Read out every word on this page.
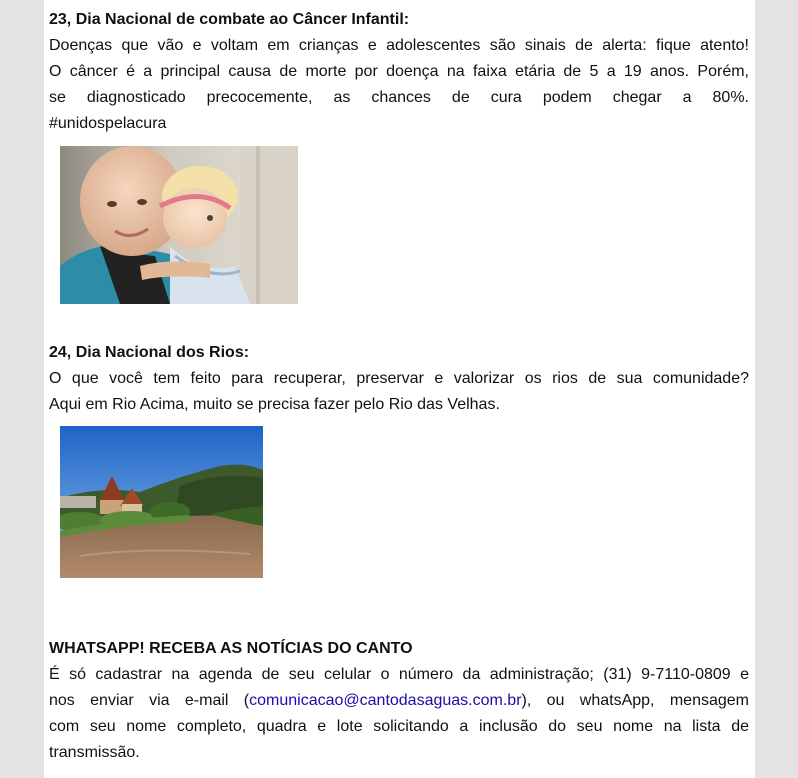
23, Dia Nacional de combate ao Câncer Infantil:
Doenças que vão e voltam em crianças e adolescentes são sinais de alerta: fique atento!
O câncer é a principal causa de morte por doença na faixa etária de 5 a 19 anos. Porém,
se diagnosticado precocemente, as chances de cura podem chegar a 80%.
#unidospelacura
24, Dia Nacional dos Rios:
O que você tem feito para recuperar, preservar e valorizar os rios de sua comunidade?
Aqui em Rio Acima, muito se precisa fazer pelo Rio das Velhas.
WHATSAPP! RECEBA AS NOTÍCIAS DO CANTO
É só cadastrar na agenda de seu celular o número da administração; (31) 9-7110-0809 e
nos enviar via e-mail (comunicacao@cantodasaguas.com.br), ou whatsApp, mensagem
com seu nome completo, quadra e lote solicitando a inclusão do seu nome na lista de
transmissão.
